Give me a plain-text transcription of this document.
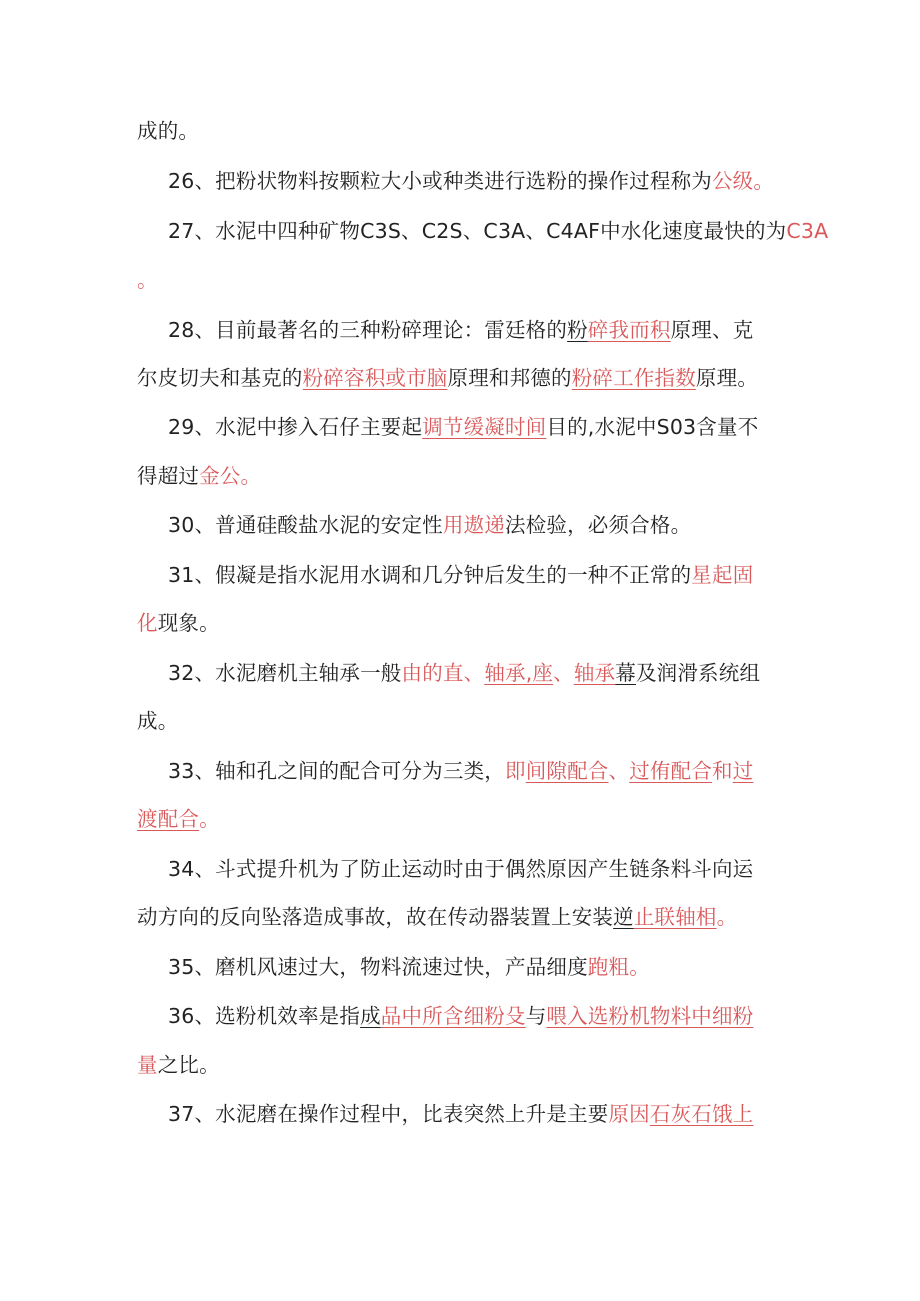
成的。
26、把粉状物料按颗粒大小或种类进行选粉的操作过程称为公级。
27、水泥中四种矿物C3S、C2S、C3A、C4AF中水化速度最快的为C3A
。
28、目前最著名的三种粉碎理论：雷廷格的粉碎我而积原理、克
尔皮切夫和基克的粉碎容积或市脑原理和邦德的粉碎工作指数原理。
29、水泥中掺入石仔主要起调节缓凝时间目的,水泥中S03含量不
得超过金公。
30、普通硅酸盐水泥的安定性用遨递法检验，必须合格。
31、假凝是指水泥用水调和几分钟后发生的一种不正常的星起固
化现象。
32、水泥磨机主轴承一般由的直、轴承,座、轴承幕及润滑系统组
成。
33、轴和孔之间的配合可分为三类，即间隙配合、过侑配合和过
渡配合。
34、斗式提升机为了防止运动时由于偶然原因产生链条料斗向运
动方向的反向坠落造成事故，故在传动器装置上安装逆止联轴相。
35、磨机风速过大，物料流速过快，产品细度跑粗。
36、选粉机效率是指成品中所含细粉殳与喂入选粉机物料中细粉
量之比。
37、水泥磨在操作过程中，比表突然上升是主要原因石灰石饿上
